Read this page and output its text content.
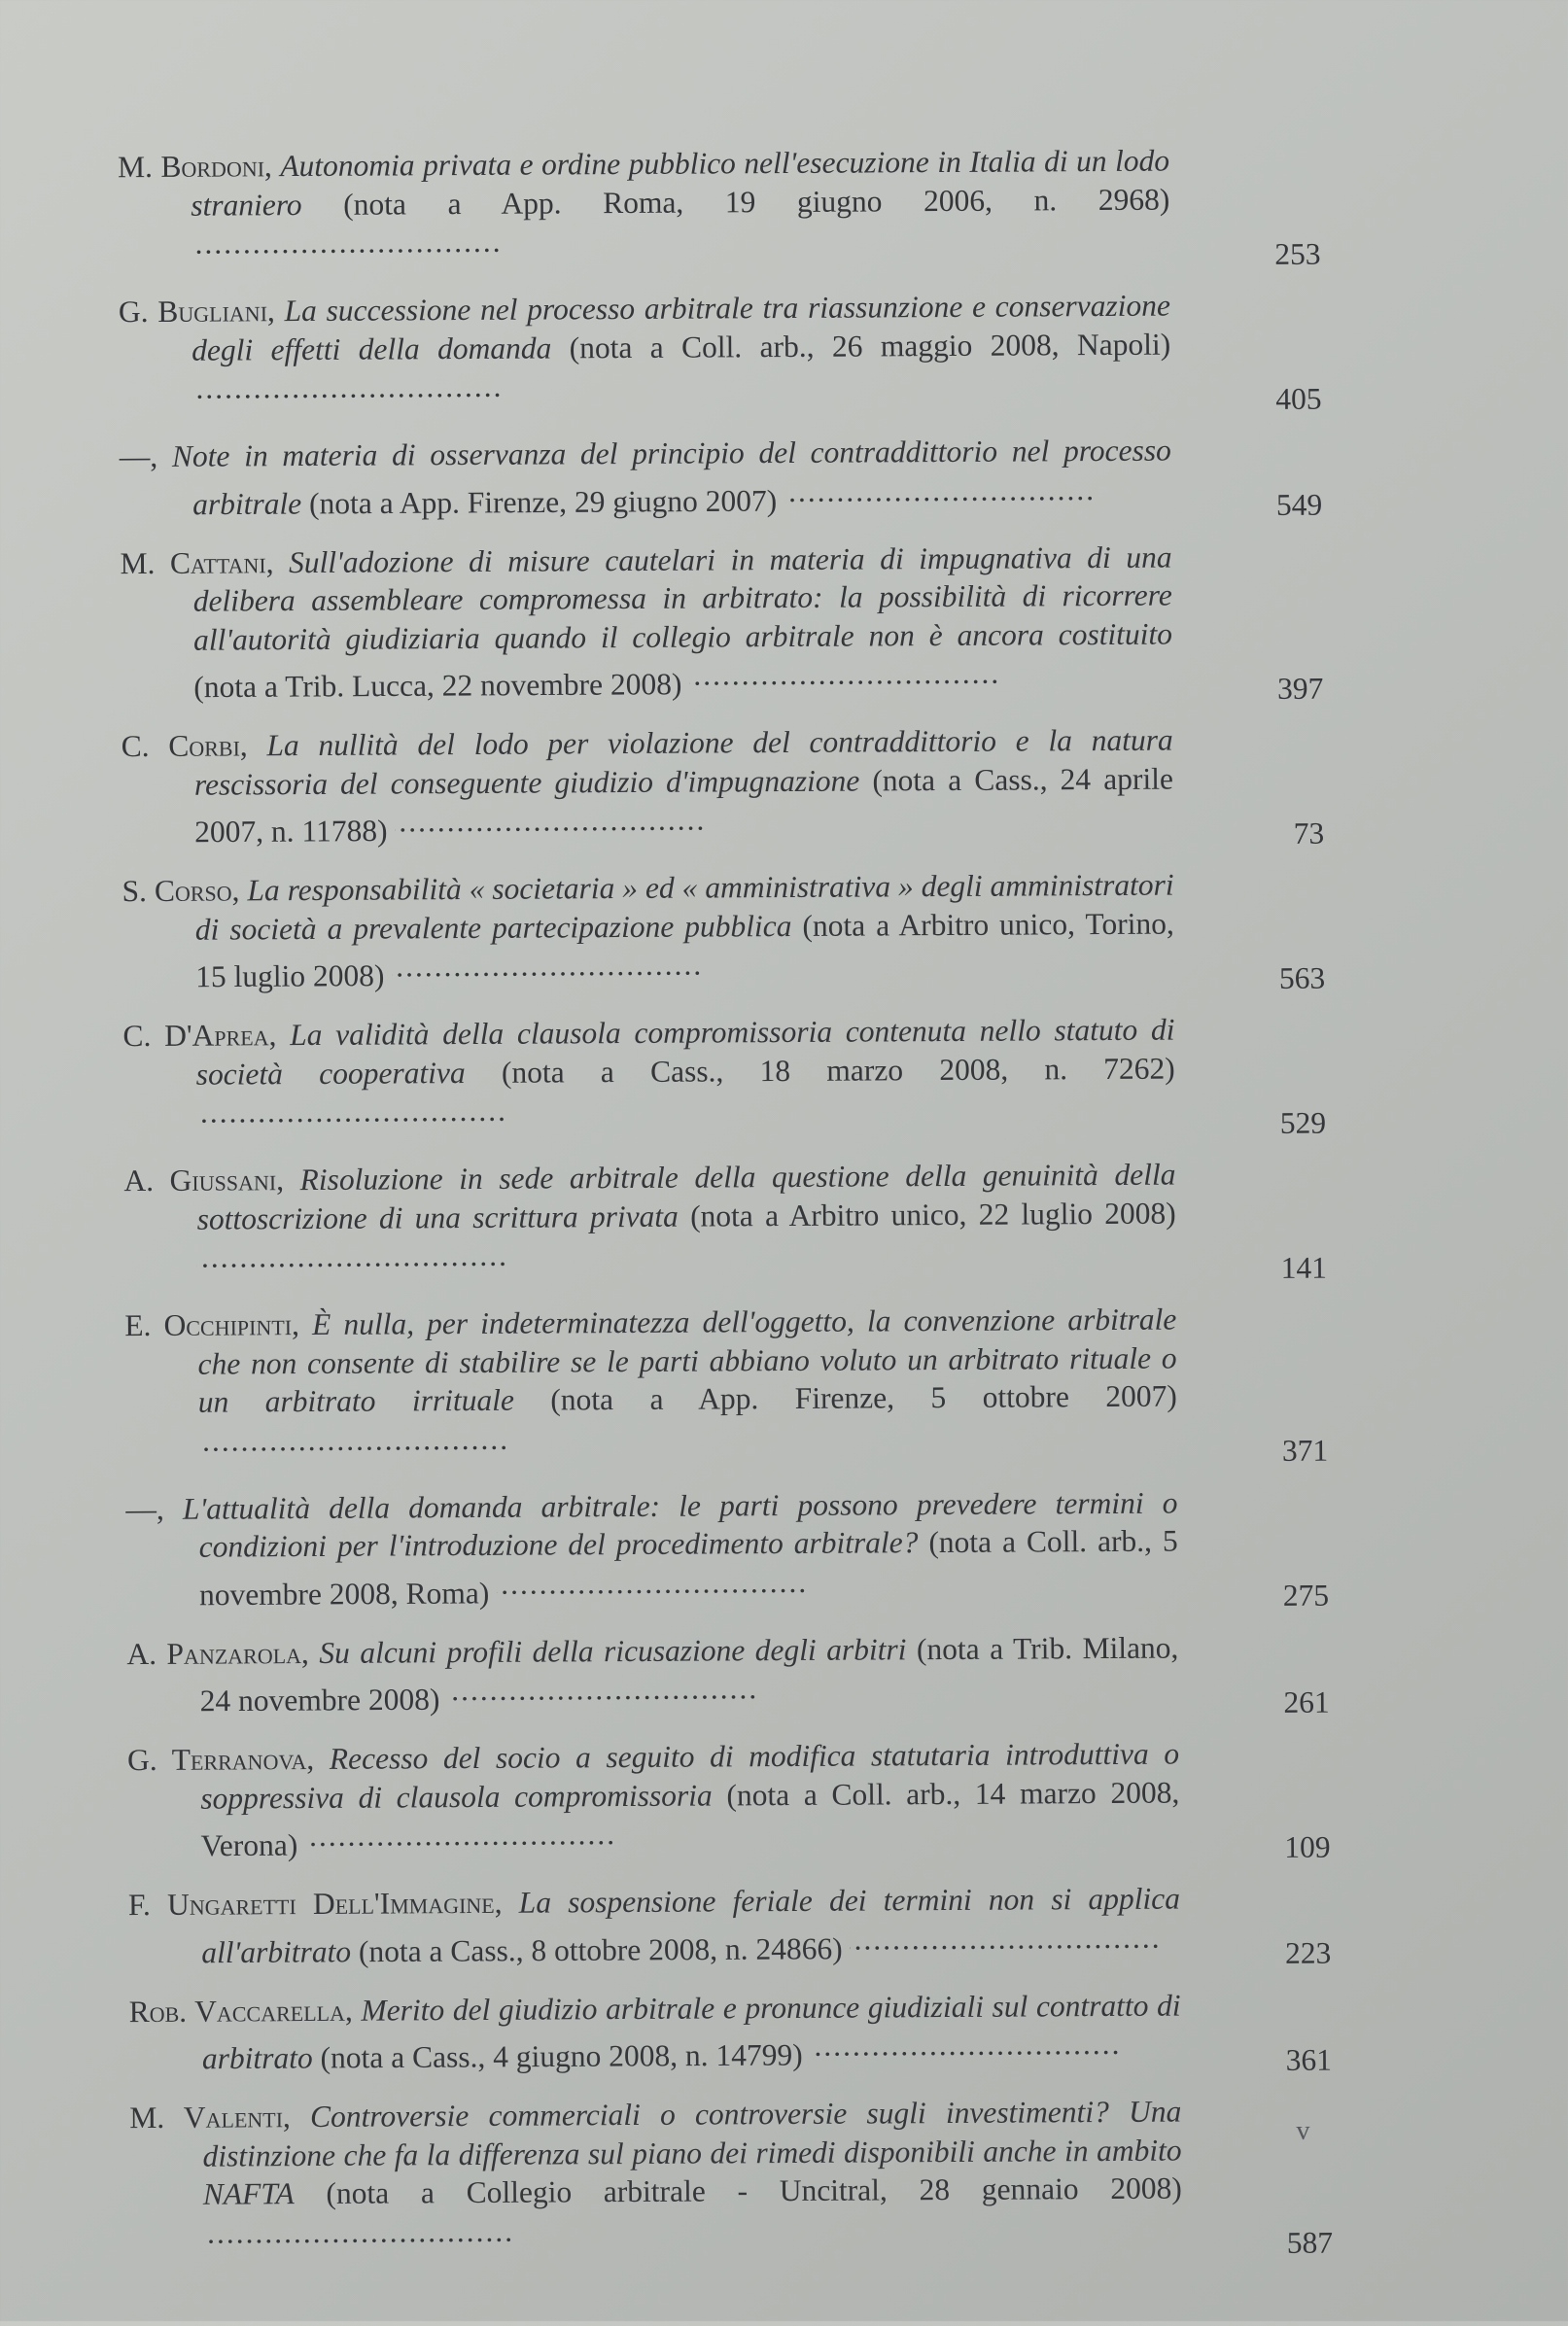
M. Bordoni, Autonomia privata e ordine pubblico nell'esecuzione in Italia di un lodo straniero (nota a App. Roma, 19 giugno 2006, n. 2968) .....
253
G. Bugliani, La successione nel processo arbitrale tra riassunzione e conservazione degli effetti della domanda (nota a Coll. arb., 26 maggio 2008, Napoli) .....
405
—, Note in materia di osservanza del principio del contraddittorio nel processo arbitrale (nota a App. Firenze, 29 giugno 2007) .....	549
M. Cattani, Sull'adozione di misure cautelari in materia di impugnativa di una delibera assembleare compromessa in arbitrato: la possibilità di ricorrere all'autorità giudiziaria quando il collegio arbitrale non è ancora costituito (nota a Trib. Lucca, 22 novembre 2008) .....	397
C. Corbi, La nullità del lodo per violazione del contraddittorio e la natura rescissoria del conseguente giudizio d'impugnazione (nota a Cass., 24 aprile 2007, n. 11788) .....	73
S. Corso, La responsabilità « societaria » ed « amministrativa » degli amministratori di società a prevalente partecipazione pubblica (nota a Arbitro unico, Torino, 15 luglio 2008) .....	563
C. D'Aprea, La validità della clausola compromissoria contenuta nello statuto di società cooperativa (nota a Cass., 18 marzo 2008, n. 7262) .....
529
A. Giussani, Risoluzione in sede arbitrale della questione della genuinità della sottoscrizione di una scrittura privata (nota a Arbitro unico, 22 luglio 2008) .....
141
E. Occhipinti, È nulla, per indeterminatezza dell'oggetto, la convenzione arbitrale che non consente di stabilire se le parti abbiano voluto un arbitrato rituale o un arbitrato irrituale (nota a App. Firenze, 5 ottobre 2007) .....
371
—, L'attualità della domanda arbitrale: le parti possono prevedere termini o condizioni per l'introduzione del procedimento arbitrale? (nota a Coll. arb., 5 novembre 2008, Roma) .....	275
A. Panzarola, Su alcuni profili della ricusazione degli arbitri (nota a Trib. Milano, 24 novembre 2008) .....	261
G. Terranova, Recesso del socio a seguito di modifica statutaria introduttiva o soppressiva di clausola compromissoria (nota a Coll. arb., 14 marzo 2008, Verona) .....	109
F. Ungaretti Dell'Immagine, La sospensione feriale dei termini non si applica all'arbitrato (nota a Cass., 8 ottobre 2008, n. 24866) .....	223
Rob. Vaccarella, Merito del giudizio arbitrale e pronunce giudiziali sul contratto di arbitrato (nota a Cass., 4 giugno 2008, n. 14799) .....	361
M. Valenti, Controversie commerciali o controversie sugli investimenti? Una distinzione che fa la differenza sul piano dei rimedi disponibili anche in ambito NAFTA (nota a Collegio arbitrale - Uncitral, 28 gennaio 2008) .....
587
v
